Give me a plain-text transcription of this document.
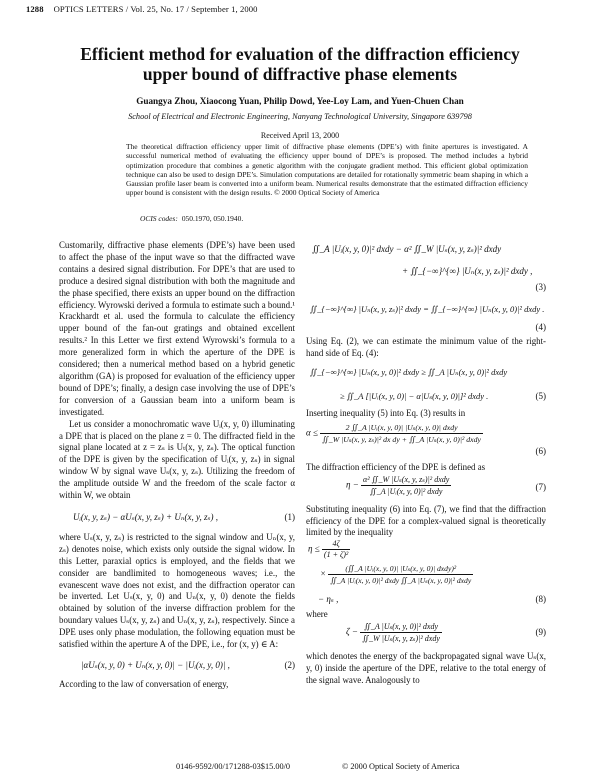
1288 OPTICS LETTERS / Vol. 25, No. 17 / September 1, 2000
Efficient method for evaluation of the diffraction efficiency
upper bound of diffractive phase elements
Guangya Zhou, Xiaocong Yuan, Philip Dowd, Yee-Loy Lam, and Yuen-Chuen Chan
School of Electrical and Electronic Engineering, Nanyang Technological University, Singapore 639798
Received April 13, 2000
The theoretical diffraction efficiency upper limit of diffractive phase elements (DPE’s) with finite apertures is investigated. A successful numerical method of evaluating the efficiency upper bound of DPE’s is proposed. The method includes a hybrid optimization procedure that combines a genetic algorithm with the conjugate gradient method. This efficient global optimization technique can also be used to design DPE’s. Simulation computations are detailed for rotationally symmetric beam shaping in which a Gaussian profile laser beam is converted into a uniform beam. Numerical results demonstrate that the estimated diffraction efficiency upper bound is consistent with the design results. © 2000 Optical Society of America
OCIS codes: 050.1970, 050.1940.

Customarily, diffractive phase elements (DPE’s) have been used to affect the phase of the input wave so that the diffracted wave contains a desired signal distribution. For DPE’s that are used to produce a desired signal distribution with both the magnitude and the phase specified, there exists an upper bound on the diffraction efficiency. Wyrowski derived a formula to estimate such a bound.¹ Krackhardt et al. used the formula to calculate the efficiency upper bound of the fan-out gratings and obtained excellent results.² In this Letter we first extend Wyrowski’s formula to a more generalized form in which the aperture of the DPE is considered; then a numerical method based on a hybrid genetic algorithm (GA) is proposed for evaluation of the efficiency upper bound of DPE’s; finally, a design case involving the use of DPE’s for conversion of a Gaussian beam into a uniform beam is investigated.

Let us consider a monochromatic wave Uᵢ(x, y, 0) illuminating a DPE that is placed on the plane z = 0. The diffracted field in the signal plane located at z = zₛ is Uₜ(x, y, zₛ). The optical function of the DPE is given by the specification of Uᵢ(x, y, zₛ) in signal window W by signal wave Uₛ(x, y, zₛ). Utilizing the freedom of the amplitude outside W and the freedom of the scale factor α within W, we obtain

Uᵢ(x, y, zₛ) − αUₛ(x, y, zₛ) + Uₙ(x, y, zₛ) ,	(1)

where Uₛ(x, y, zₛ) is restricted to the signal window and Uₙ(x, y, zₛ) denotes noise, which exists only outside the signal widow. In this Letter, paraxial optics is employed, and the fields that we consider are bandlimited to homogeneous waves; i.e., the evanescent wave does not exist, and the diffraction operator can be inverted. Let Uₛ(x, y, 0) and Uₙ(x, y, 0) denote the fields obtained by solution of the inverse diffraction problem for the boundary values Uₛ(x, y, zₛ) and Uₙ(x, y, zₛ), respectively. Since a DPE uses only phase modulation, the following equation must be satisfied within the aperture A of the DPE, i.e., for (x, y) ∈ A:

|αUₛ(x, y, 0) + Uₙ(x, y, 0)| − |Uᵢ(x, y, 0)| ,	(2)

According to the law of conversation of energy,

∬_A |Uᵢ(x, y, 0)|² dxdy − α² ∬_W |Uₛ(x, y, zₛ)|² dxdy
+ ∬_{−∞}^{∞} |Uₙ(x, y, zₛ)|² dxdy ,
(3)
∬_{−∞}^{∞} |Uₙ(x, y, zₛ)|² dxdy = ∬_{−∞}^{∞} |Uₙ(x, y, 0)|² dxdy .
(4)

Using Eq. (2), we can estimate the minimum value of the right-hand side of Eq. (4):

∬_{−∞}^{∞} |Uₙ(x, y, 0)|² dxdy ≥ ∬_A |Uₙ(x, y, 0)|² dxdy
≥ ∬_A [|Uᵢ(x, y, 0)| − α|Uₛ(x, y, 0)|]² dxdy .	(5)

Inserting inequality (5) into Eq. (3) results in

$\alpha \le \frac{\text{2 ∬\_A |Uᵢ(x, y, 0)| |Uₛ(x, y, 0)| dxdy}}{\text{∬\_W |Uₛ(x, y, zₛ)|² dx dy + ∬\_A |Uₛ(x, y, 0)|² dxdy}}$
(6)

The diffraction efficiency of the DPE is defined as

$\eta - \frac{\text{α² ∬\_W |Uₛ(x, y, zₛ)|² dxdy}}{\text{∬\_A |Uᵢ(x, y, 0)|² dxdy}}$	(7)

Substituting inequality (6) into Eq. (7), we find that the diffraction efficiency of the DPE for a complex-valued signal is theoretically limited by the inequality

$\eta \le \frac{4\zeta}{\text{(1 + ζ)²}}$
× $\frac{\text{(∬\_A |Uᵢ(x, y, 0)| |Uₛ(x, y, 0)| dxdy)²}}{\text{∬\_A |Uᵢ(x, y, 0)|² dxdy ∬\_A |Uₛ(x, y, 0)|² dxdy}}$
− ηₛ ,	(8)

where

$\zeta - \frac{\text{∬\_A |Uₛ(x, y, 0)|² dxdy}}{\text{∬\_W |Uₛ(x, y, zₛ)|² dxdy}}$	(9)

which denotes the energy of the backpropagated signal wave Uₛ(x, y, 0) inside the aperture of the DPE, relative to the total energy of the signal wave. Analogously to

0146-9592/00/171288-03$15.00/0	© 2000 Optical Society of America
